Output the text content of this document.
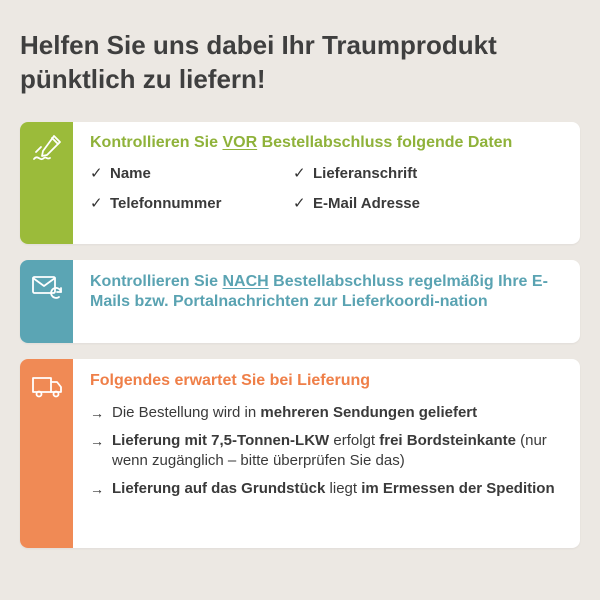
Helfen Sie uns dabei Ihr Traumprodukt
pünktlich zu liefern!
Kontrollieren Sie VOR Bestellabschluss folgende Daten
✓ Name	✓ Lieferanschrift
✓ Telefonnummer	✓ E-Mail Adresse
Kontrollieren Sie NACH Bestellabschluss regelmäßig Ihre E-Mails bzw. Portalnachrichten zur Lieferkoordi-nation
Folgendes erwartet Sie bei Lieferung
→ Die Bestellung wird in mehreren Sendungen geliefert
→ Lieferung mit 7,5-Tonnen-LKW erfolgt frei Bordsteinkante (nur wenn zugänglich – bitte überprüfen Sie das)
→ Lieferung auf das Grundstück liegt im Ermessen der Spedition
